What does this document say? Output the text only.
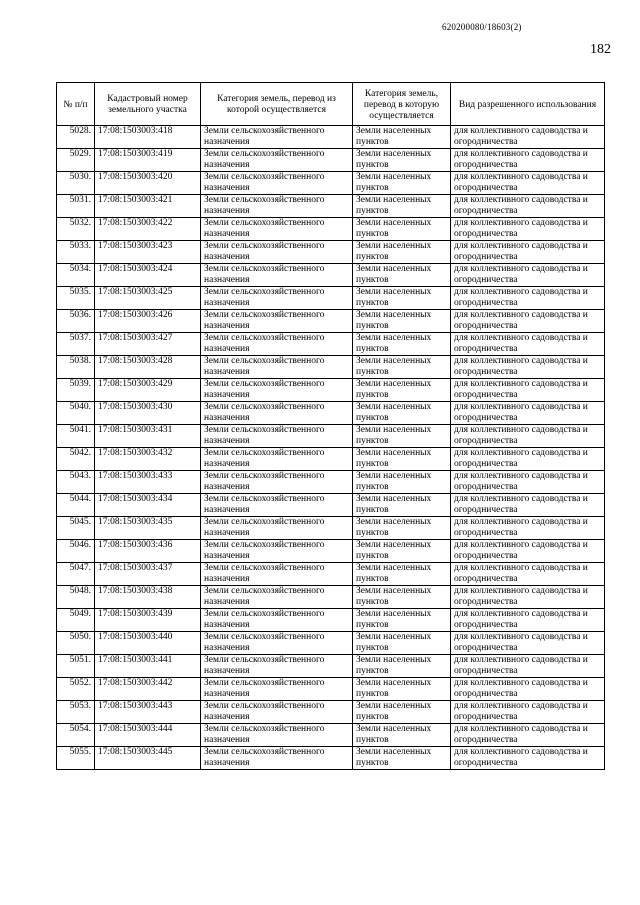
620200080/18603(2)
182
№ п/п	Кадастровый номер земельного участка	Категория земель, перевод из которой осуществляется	Категория земель, перевод в которую осуществляется	Вид разрешенного использования
5028.	17:08:1503003:418	Земли сельскохозяйственного назначения	Земли населенных пунктов	для коллективного садоводства и огородничества
5029.	17:08:1503003:419	Земли сельскохозяйственного назначения	Земли населенных пунктов	для коллективного садоводства и огородничества
5030.	17:08:1503003:420	Земли сельскохозяйственного назначения	Земли населенных пунктов	для коллективного садоводства и огородничества
5031.	17:08:1503003:421	Земли сельскохозяйственного назначения	Земли населенных пунктов	для коллективного садоводства и огородничества
5032.	17:08:1503003:422	Земли сельскохозяйственного назначения	Земли населенных пунктов	для коллективного садоводства и огородничества
5033.	17:08:1503003:423	Земли сельскохозяйственного назначения	Земли населенных пунктов	для коллективного садоводства и огородничества
5034.	17:08:1503003:424	Земли сельскохозяйственного назначения	Земли населенных пунктов	для коллективного садоводства и огородничества
5035.	17:08:1503003:425	Земли сельскохозяйственного назначения	Земли населенных пунктов	для коллективного садоводства и огородничества
5036.	17:08:1503003:426	Земли сельскохозяйственного назначения	Земли населенных пунктов	для коллективного садоводства и огородничества
5037.	17:08:1503003:427	Земли сельскохозяйственного назначения	Земли населенных пунктов	для коллективного садоводства и огородничества
5038.	17:08:1503003:428	Земли сельскохозяйственного назначения	Земли населенных пунктов	для коллективного садоводства и огородничества
5039.	17:08:1503003:429	Земли сельскохозяйственного назначения	Земли населенных пунктов	для коллективного садоводства и огородничества
5040.	17:08:1503003:430	Земли сельскохозяйственного назначения	Земли населенных пунктов	для коллективного садоводства и огородничества
5041.	17:08:1503003:431	Земли сельскохозяйственного назначения	Земли населенных пунктов	для коллективного садоводства и огородничества
5042.	17:08:1503003:432	Земли сельскохозяйственного назначения	Земли населенных пунктов	для коллективного садоводства и огородничества
5043.	17:08:1503003:433	Земли сельскохозяйственного назначения	Земли населенных пунктов	для коллективного садоводства и огородничества
5044.	17:08:1503003:434	Земли сельскохозяйственного назначения	Земли населенных пунктов	для коллективного садоводства и огородничества
5045.	17:08:1503003:435	Земли сельскохозяйственного назначения	Земли населенных пунктов	для коллективного садоводства и огородничества
5046.	17:08:1503003:436	Земли сельскохозяйственного назначения	Земли населенных пунктов	для коллективного садоводства и огородничества
5047.	17:08:1503003:437	Земли сельскохозяйственного назначения	Земли населенных пунктов	для коллективного садоводства и огородничества
5048.	17:08:1503003:438	Земли сельскохозяйственного назначения	Земли населенных пунктов	для коллективного садоводства и огородничества
5049.	17:08:1503003:439	Земли сельскохозяйственного назначения	Земли населенных пунктов	для коллективного садоводства и огородничества
5050.	17:08:1503003:440	Земли сельскохозяйственного назначения	Земли населенных пунктов	для коллективного садоводства и огородничества
5051.	17:08:1503003:441	Земли сельскохозяйственного назначения	Земли населенных пунктов	для коллективного садоводства и огородничества
5052.	17:08:1503003:442	Земли сельскохозяйственного назначения	Земли населенных пунктов	для коллективного садоводства и огородничества
5053.	17:08:1503003:443	Земли сельскохозяйственного назначения	Земли населенных пунктов	для коллективного садоводства и огородничества
5054.	17:08:1503003:444	Земли сельскохозяйственного назначения	Земли населенных пунктов	для коллективного садоводства и огородничества
5055.	17:08:1503003:445	Земли сельскохозяйственного назначения	Земли населенных пунктов	для коллективного садоводства и огородничества
